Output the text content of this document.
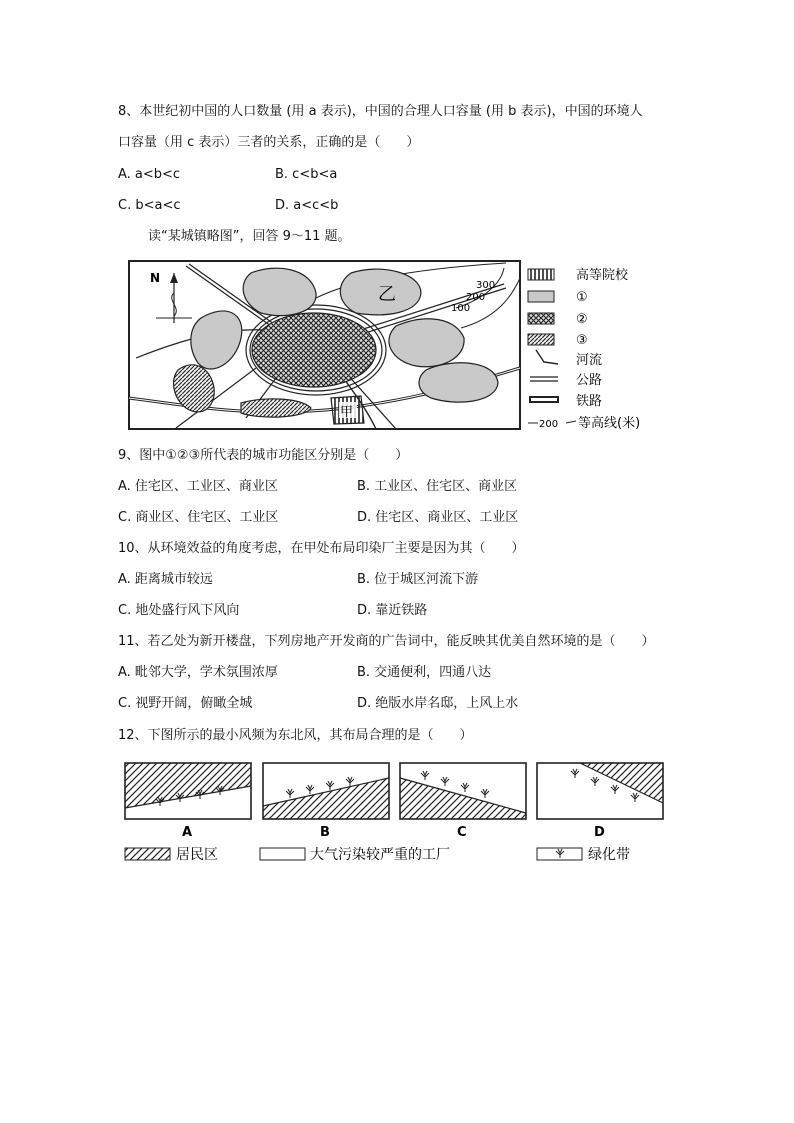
8、本世纪初中国的人口数量 (用 a 表示)，中国的合理人口容量 (用 b 表示)，中国的环境人
口容量（用 c 表示）三者的关系，正确的是（　　）
A. a<b<c	B. c<b<a
C. b<a<c	D. a<c<b
读“某城镇略图”，回答 9～11 题。
300
200
100
乙
甲
N	高等院校
①
②
③
河流
公路
铁路
200 等高线(米)
9、图中①②③所代表的城市功能区分别是（　　）
A. 住宅区、工业区、商业区	B. 工业区、住宅区、商业区
C. 商业区、住宅区、工业区	D. 住宅区、商业区、工业区
10、从环境效益的角度考虑，在甲处布局印染厂主要是因为其（　　）
A. 距离城市较远	B. 位于城区河流下游
C. 地处盛行风下风向	D. 靠近铁路
11、若乙处为新开楼盘，下列房地产开发商的广告词中，能反映其优美自然环境的是（　　）
A. 毗邻大学，学术氛围浓厚	B. 交通便利，四通八达
C. 视野开阔，俯瞰全城	D. 绝版水岸名邸，上风上水
12、下图所示的最小风频为东北风，其布局合理的是（　　）
A	B	C	D
居民区	大气污染较严重的工厂	绿化带
